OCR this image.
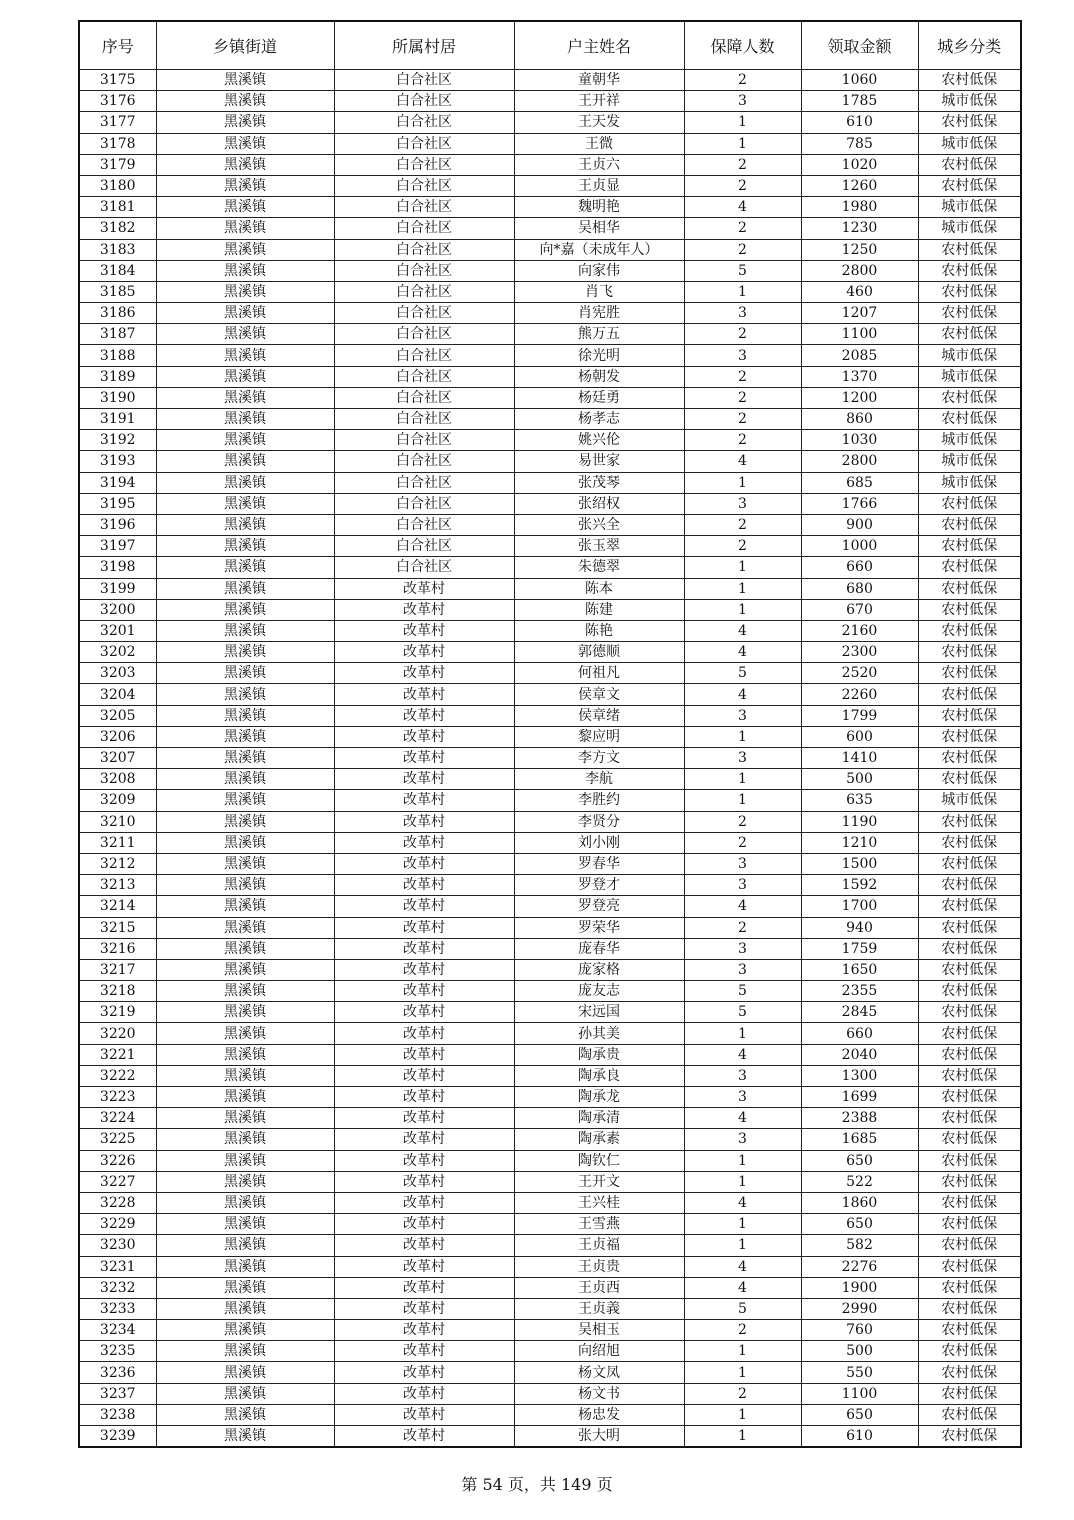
序号	乡镇街道	所属村居	户主姓名	保障人数	领取金额	城乡分类
3175	黑溪镇	白合社区	童朝华	2	1060	农村低保
3176	黑溪镇	白合社区	王开祥	3	1785	城市低保
3177	黑溪镇	白合社区	王天发	1	610	农村低保
3178	黑溪镇	白合社区	王微	1	785	城市低保
3179	黑溪镇	白合社区	王贞六	2	1020	农村低保
3180	黑溪镇	白合社区	王贞显	2	1260	农村低保
3181	黑溪镇	白合社区	魏明艳	4	1980	城市低保
3182	黑溪镇	白合社区	吴相华	2	1230	城市低保
3183	黑溪镇	白合社区	向*嘉（未成年人）	2	1250	农村低保
3184	黑溪镇	白合社区	向家伟	5	2800	农村低保
3185	黑溪镇	白合社区	肖飞	1	460	农村低保
3186	黑溪镇	白合社区	肖宪胜	3	1207	农村低保
3187	黑溪镇	白合社区	熊万五	2	1100	农村低保
3188	黑溪镇	白合社区	徐光明	3	2085	城市低保
3189	黑溪镇	白合社区	杨朝发	2	1370	城市低保
3190	黑溪镇	白合社区	杨廷勇	2	1200	农村低保
3191	黑溪镇	白合社区	杨孝志	2	860	农村低保
3192	黑溪镇	白合社区	姚兴伦	2	1030	城市低保
3193	黑溪镇	白合社区	易世家	4	2800	城市低保
3194	黑溪镇	白合社区	张茂琴	1	685	城市低保
3195	黑溪镇	白合社区	张绍权	3	1766	农村低保
3196	黑溪镇	白合社区	张兴全	2	900	农村低保
3197	黑溪镇	白合社区	张玉翠	2	1000	农村低保
3198	黑溪镇	白合社区	朱德翠	1	660	农村低保
3199	黑溪镇	改革村	陈本	1	680	农村低保
3200	黑溪镇	改革村	陈建	1	670	农村低保
3201	黑溪镇	改革村	陈艳	4	2160	农村低保
3202	黑溪镇	改革村	郭德顺	4	2300	农村低保
3203	黑溪镇	改革村	何祖凡	5	2520	农村低保
3204	黑溪镇	改革村	侯章文	4	2260	农村低保
3205	黑溪镇	改革村	侯章绪	3	1799	农村低保
3206	黑溪镇	改革村	黎应明	1	600	农村低保
3207	黑溪镇	改革村	李方文	3	1410	农村低保
3208	黑溪镇	改革村	李航	1	500	农村低保
3209	黑溪镇	改革村	李胜约	1	635	城市低保
3210	黑溪镇	改革村	李贤分	2	1190	农村低保
3211	黑溪镇	改革村	刘小刚	2	1210	农村低保
3212	黑溪镇	改革村	罗春华	3	1500	农村低保
3213	黑溪镇	改革村	罗登才	3	1592	农村低保
3214	黑溪镇	改革村	罗登亮	4	1700	农村低保
3215	黑溪镇	改革村	罗荣华	2	940	农村低保
3216	黑溪镇	改革村	庞春华	3	1759	农村低保
3217	黑溪镇	改革村	庞家格	3	1650	农村低保
3218	黑溪镇	改革村	庞友志	5	2355	农村低保
3219	黑溪镇	改革村	宋远国	5	2845	农村低保
3220	黑溪镇	改革村	孙其美	1	660	农村低保
3221	黑溪镇	改革村	陶承贵	4	2040	农村低保
3222	黑溪镇	改革村	陶承良	3	1300	农村低保
3223	黑溪镇	改革村	陶承龙	3	1699	农村低保
3224	黑溪镇	改革村	陶承清	4	2388	农村低保
3225	黑溪镇	改革村	陶承素	3	1685	农村低保
3226	黑溪镇	改革村	陶钦仁	1	650	农村低保
3227	黑溪镇	改革村	王开文	1	522	农村低保
3228	黑溪镇	改革村	王兴桂	4	1860	农村低保
3229	黑溪镇	改革村	王雪燕	1	650	农村低保
3230	黑溪镇	改革村	王贞福	1	582	农村低保
3231	黑溪镇	改革村	王贞贵	4	2276	农村低保
3232	黑溪镇	改革村	王贞西	4	1900	农村低保
3233	黑溪镇	改革村	王贞義	5	2990	农村低保
3234	黑溪镇	改革村	吴相玉	2	760	农村低保
3235	黑溪镇	改革村	向绍旭	1	500	农村低保
3236	黑溪镇	改革村	杨文凤	1	550	农村低保
3237	黑溪镇	改革村	杨文书	2	1100	农村低保
3238	黑溪镇	改革村	杨忠发	1	650	农村低保
3239	黑溪镇	改革村	张大明	1	610	农村低保
第 54 页，共 149 页
